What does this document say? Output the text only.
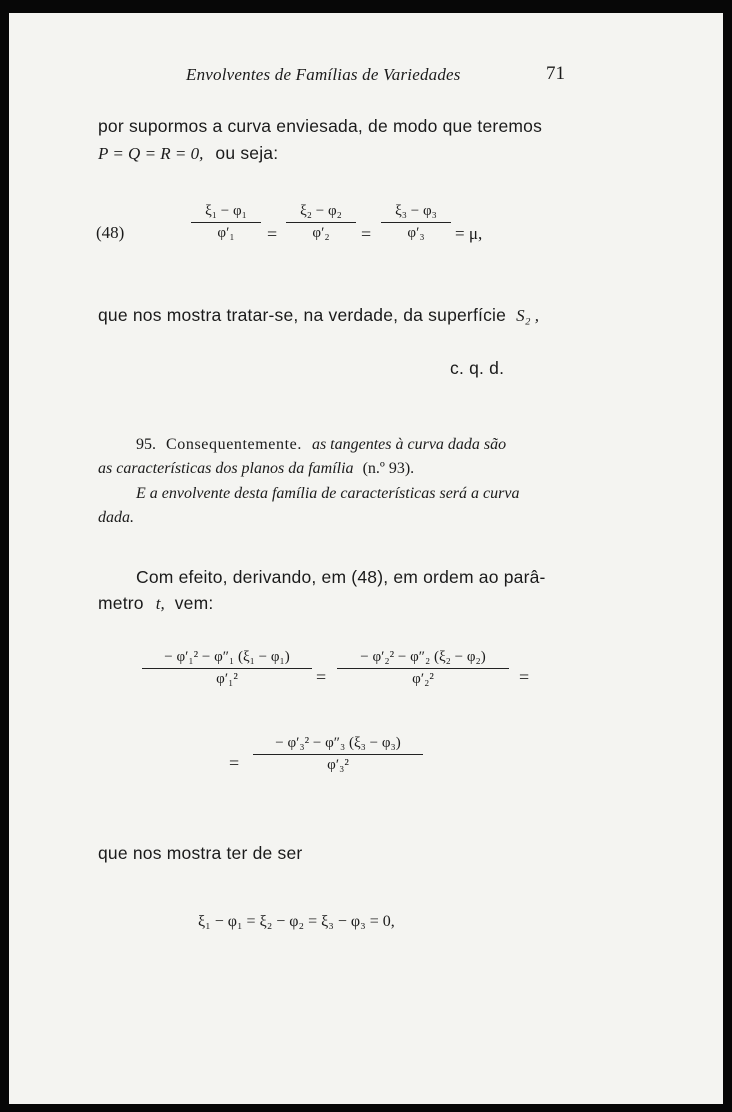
Envolventes de Famílias de Variedades	71
por supormos a curva enviesada, de modo que teremos
P = Q = R = 0, ou seja:
(48)
ξ₁ − φ₁
φ′₁	=
ξ₂ − φ₂
φ′₂	=
ξ₃ − φ₃
φ′₃	= μ,
que nos mostra tratar-se, na verdade, da superfície S₂ ,
c. q. d.
95. Consequentemente. as tangentes à curva dada são
as características dos planos da família (n.º 93).
E a envolvente desta família de características será a curva
dada.
Com efeito, derivando, em (48), em ordem ao parâ-
metro t, vem:
− φ′₁² − φ″₁ (ξ₁ − φ₁)
φ′₁²	=
− φ′₂² − φ″₂ (ξ₂ − φ₂)
φ′₂²	=
=
− φ′₃² − φ″₃ (ξ₃ − φ₃)
φ′₃²
que nos mostra ter de ser
ξ₁ − φ₁ = ξ₂ − φ₂ = ξ₃ − φ₃ = 0,
